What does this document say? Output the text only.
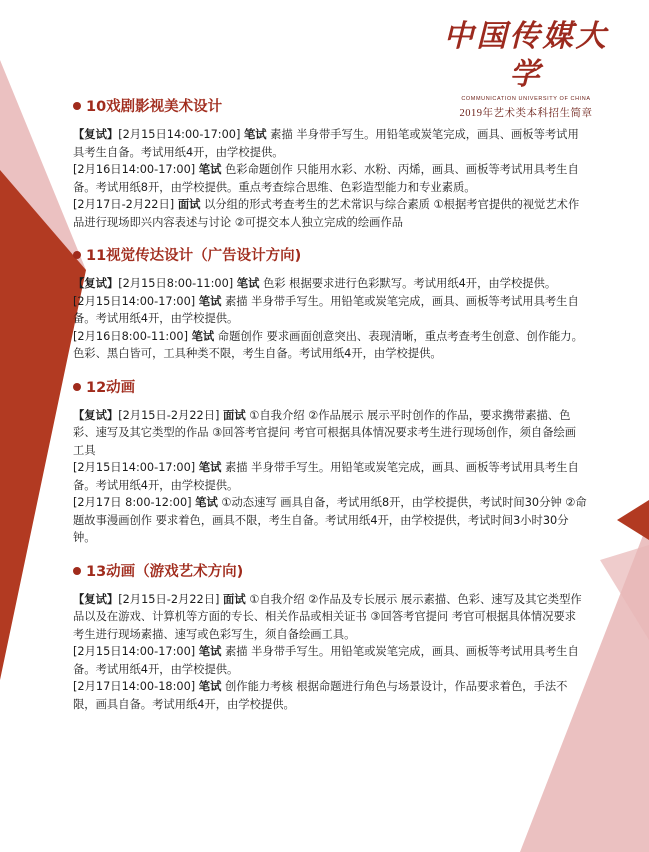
中国传媒大学
COMMUNICATION UNIVERSITY OF CHINA
2019年艺术类本科招生简章
10戏剧影视美术设计
【复试】[2月15日14:00-17:00] 笔试 素描 半身带手写生。用铅笔或炭笔完成，画具、画板等考试用具考生自备。考试用纸4开，由学校提供。
[2月16日14:00-17:00] 笔试 色彩命题创作 只能用水彩、水粉、丙烯，画具、画板等考试用具考生自备。考试用纸8开，由学校提供。重点考查综合思维、色彩造型能力和专业素质。
[2月17日-2月22日] 面试 以分组的形式考查考生的艺术常识与综合素质 ①根据考官提供的视觉艺术作品进行现场即兴内容表述与讨论 ②可提交本人独立完成的绘画作品
11视觉传达设计（广告设计方向)
【复试】[2月15日8:00-11:00] 笔试 色彩 根据要求进行色彩默写。考试用纸4开，由学校提供。
[2月15日14:00-17:00] 笔试 素描 半身带手写生。用铅笔或炭笔完成，画具、画板等考试用具考生自备。考试用纸4开，由学校提供。
[2月16日8:00-11:00] 笔试 命题创作 要求画面创意突出、表现清晰，重点考查考生创意、创作能力。色彩、黑白皆可，工具种类不限，考生自备。考试用纸4开，由学校提供。
12动画
【复试】[2月15日-2月22日] 面试 ①自我介绍 ②作品展示 展示平时创作的作品，要求携带素描、色彩、速写及其它类型的作品 ③回答考官提问 考官可根据具体情况要求考生进行现场创作，须自备绘画工具
[2月15日14:00-17:00] 笔试 素描 半身带手写生。用铅笔或炭笔完成，画具、画板等考试用具考生自备。考试用纸4开，由学校提供。
[2月17日 8:00-12:00] 笔试 ①动态速写 画具自备，考试用纸8开，由学校提供，考试时间30分钟 ②命题故事漫画创作 要求着色，画具不限，考生自备。考试用纸4开，由学校提供，考试时间3小时30分钟。
13动画（游戏艺术方向)
【复试】[2月15日-2月22日] 面试 ①自我介绍 ②作品及专长展示 展示素描、色彩、速写及其它类型作品以及在游戏、计算机等方面的专长、相关作品或相关证书 ③回答考官提问 考官可根据具体情况要求考生进行现场素描、速写或色彩写生，须自备绘画工具。
[2月15日14:00-17:00] 笔试 素描 半身带手写生。用铅笔或炭笔完成，画具、画板等考试用具考生自备。考试用纸4开，由学校提供。
[2月17日14:00-18:00] 笔试 创作能力考核 根据命题进行角色与场景设计，作品要求着色，手法不限，画具自备。考试用纸4开，由学校提供。
